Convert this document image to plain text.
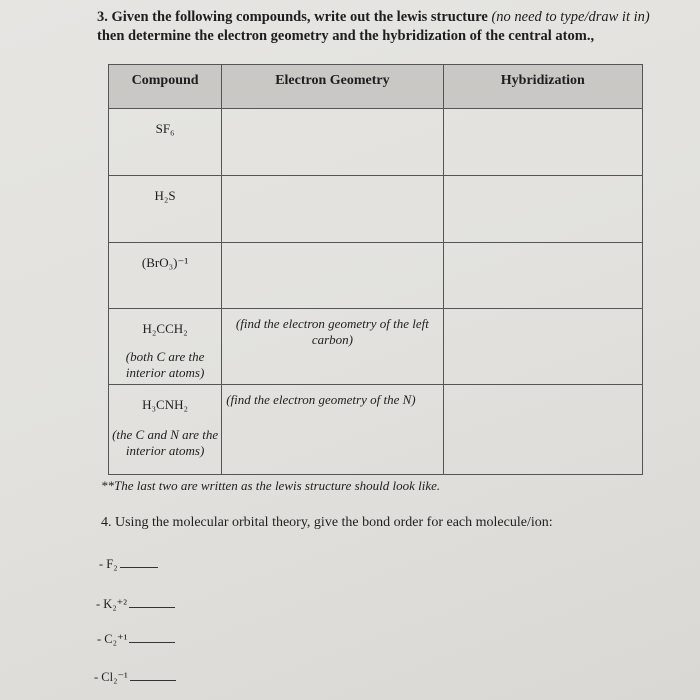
3. Given the following compounds, write out the lewis structure (no need to type/draw it in) then determine the electron geometry and the hybridization of the central atom.,
Compound	Electron Geometry	Hybridization
SF₆		
H₂S		
(BrO₃)⁻¹		

H₂CCH₂
(both C are the interior atoms)	(find the electron geometry of the left carbon)	

H₃CNH₂
(the C and N are the interior atoms)	(find the electron geometry of the N)	
**The last two are written as the lewis structure should look like.
4. Using the molecular orbital theory, give the bond order for each molecule/ion:
- F₂
- K₂⁺²
- C₂⁺¹
- Cl₂⁻¹
